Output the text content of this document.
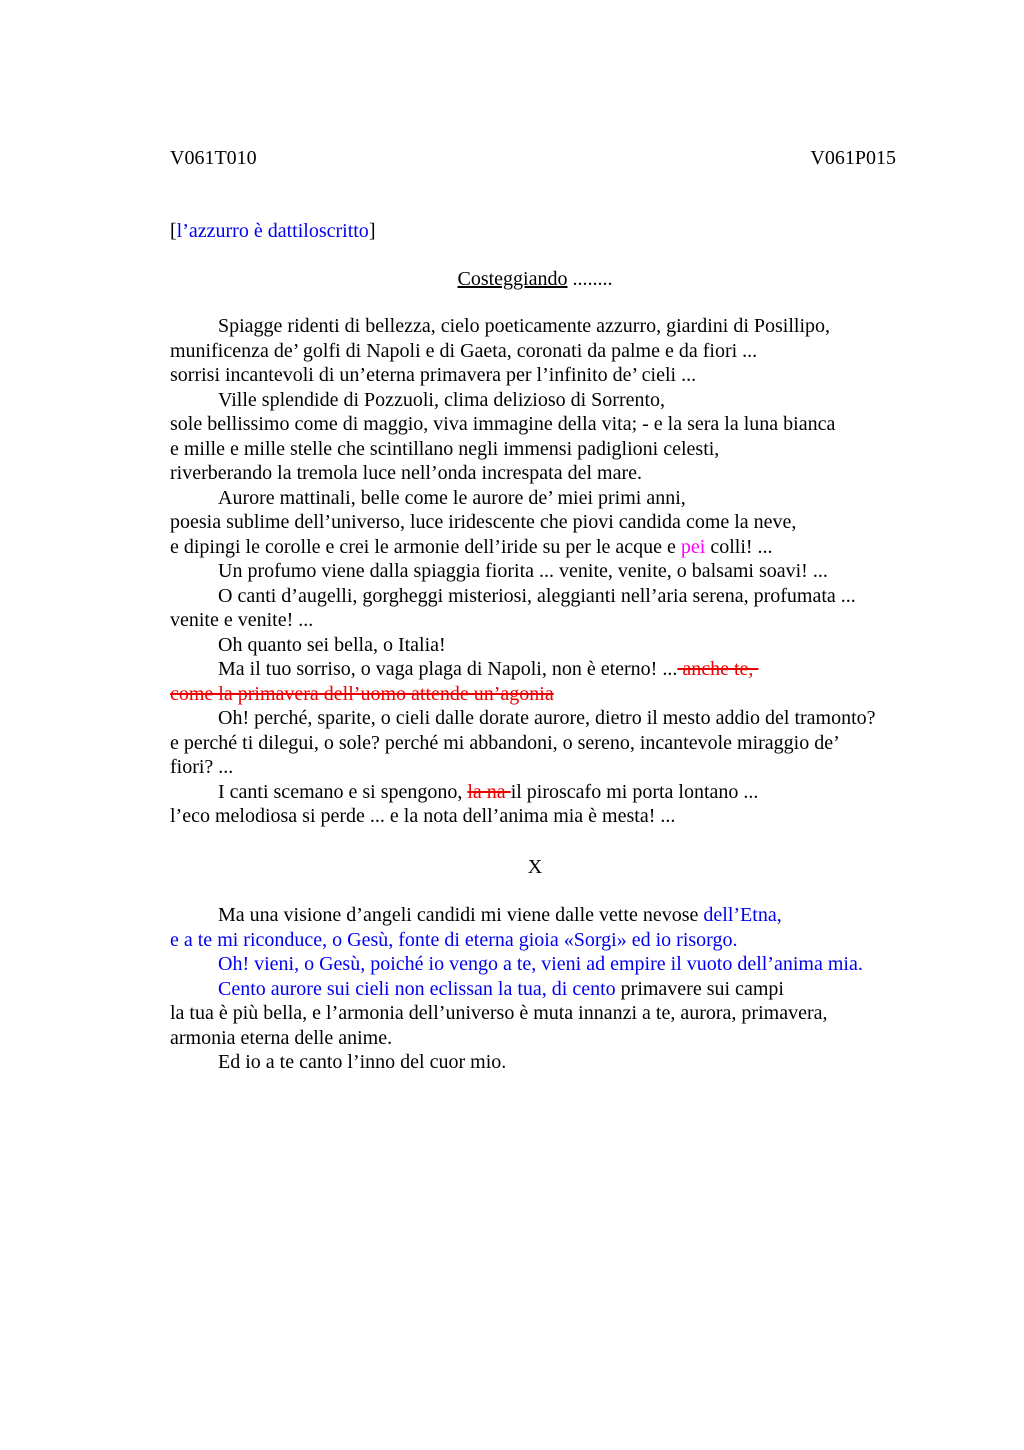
V061T010	V061P015
[l’azzurro è dattiloscritto]
Costeggiando ........
Spiagge ridenti di bellezza, cielo poeticamente azzurro, giardini di Posillipo,
munificenza de’ golfi di Napoli e di Gaeta, coronati da palme e da fiori ...
sorrisi incantevoli di un’eterna primavera per l’infinito de’ cieli ...
Ville splendide di Pozzuoli, clima delizioso di Sorrento,
sole bellissimo come di maggio, viva immagine della vita; - e la sera la luna bianca
e mille e mille stelle che scintillano negli immensi padiglioni celesti,
riverberando la tremola luce nell’onda increspata del mare.
Aurore mattinali, belle come le aurore de’ miei primi anni,
poesia sublime dell’universo, luce iridescente che piovi candida come la neve,
e dipingi le corolle e crei le armonie dell’iride su per le acque e pei colli! ...
Un profumo viene dalla spiaggia fiorita ... venite, venite, o balsami soavi! ...
O canti d’augelli, gorgheggi misteriosi, aleggianti nell’aria serena, profumata ...
venite e venite! ...
Oh quanto sei bella, o Italia!
Ma il tuo sorriso, o vaga plaga di Napoli, non è eterno! ... anche te,
come la primavera dell’uomo attende un’agonia
Oh! perché, sparite, o cieli dalle dorate aurore, dietro il mesto addio del tramonto?
e perché ti dilegui, o sole? perché mi abbandoni, o sereno, incantevole miraggio de’
fiori? ...
I canti scemano e si spengono, la na il piroscafo mi porta lontano ...
l’eco melodiosa si perde ... e la nota dell’anima mia è mesta! ...
X
Ma una visione d’angeli candidi mi viene dalle vette nevose dell’Etna,
e a te mi riconduce, o Gesù, fonte di eterna gioia «Sorgi» ed io risorgo.
Oh! vieni, o Gesù, poiché io vengo a te, vieni ad empire il vuoto dell’anima mia.
Cento aurore sui cieli non eclissan la tua, di cento primavere sui campi
la tua è più bella, e l’armonia dell’universo è muta innanzi a te, aurora, primavera,
armonia eterna delle anime.
Ed io a te canto l’inno del cuor mio.
